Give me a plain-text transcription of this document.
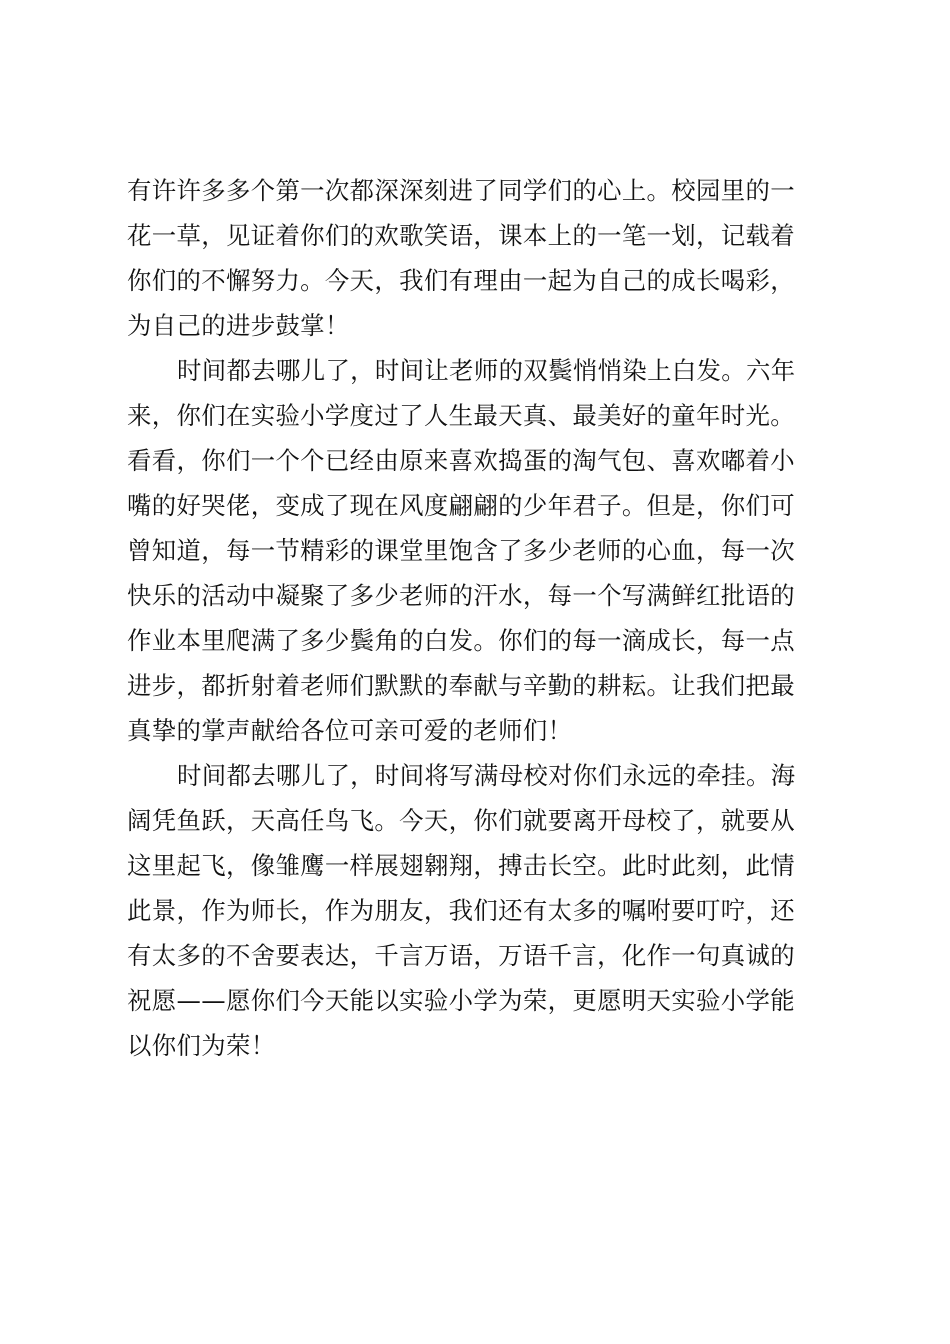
有许许多多个第一次都深深刻进了同学们的心上。校园里的一
花一草，见证着你们的欢歌笑语，课本上的一笔一划，记载着
你们的不懈努力。今天，我们有理由一起为自己的成长喝彩，
为自己的进步鼓掌！
时间都去哪儿了，时间让老师的双鬓悄悄染上白发。六年
来，你们在实验小学度过了人生最天真、最美好的童年时光。
看看，你们一个个已经由原来喜欢捣蛋的淘气包、喜欢嘟着小
嘴的好哭佬，变成了现在风度翩翩的少年君子。但是，你们可
曾知道，每一节精彩的课堂里饱含了多少老师的心血，每一次
快乐的活动中凝聚了多少老师的汗水，每一个写满鲜红批语的
作业本里爬满了多少鬓角的白发。你们的每一滴成长，每一点
进步，都折射着老师们默默的奉献与辛勤的耕耘。让我们把最
真挚的掌声献给各位可亲可爱的老师们！
时间都去哪儿了，时间将写满母校对你们永远的牵挂。海
阔凭鱼跃，天高任鸟飞。今天，你们就要离开母校了，就要从
这里起飞，像雏鹰一样展翅翱翔，搏击长空。此时此刻，此情
此景，作为师长，作为朋友，我们还有太多的嘱咐要叮咛，还
有太多的不舍要表达，千言万语，万语千言，化作一句真诚的
祝愿——愿你们今天能以实验小学为荣，更愿明天实验小学能
以你们为荣！
